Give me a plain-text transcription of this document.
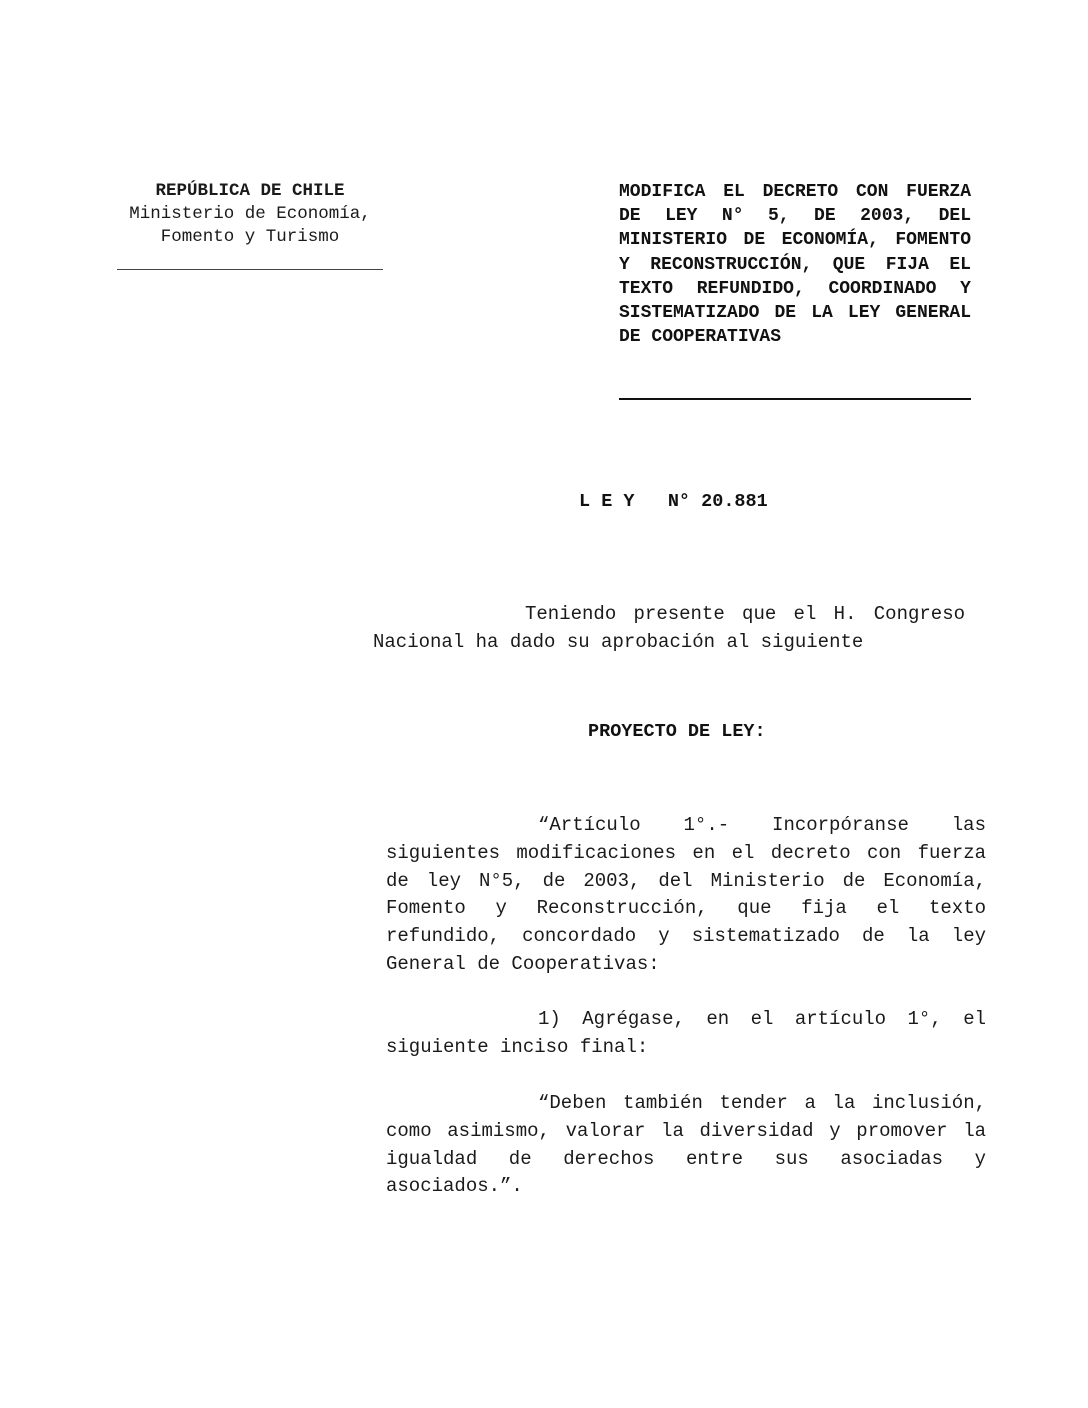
REPÚBLICA DE CHILE
Ministerio de Economía,
Fomento y Turismo
MODIFICA EL DECRETO CON FUERZA DE LEY N° 5, DE 2003, DEL MINISTERIO DE ECONOMÍA, FOMENTO Y RECONSTRUCCIÓN, QUE FIJA EL TEXTO REFUNDIDO, COORDINADO Y SISTEMATIZADO DE LA LEY GENERAL DE COOPERATIVAS
L E Y   N° 20.881
Teniendo presente que el H. Congreso Nacional ha dado su aprobación al siguiente
PROYECTO DE LEY:
“Artículo 1°.- Incorpóranse las siguientes modificaciones en el decreto con fuerza de ley N°5, de 2003, del Ministerio de Economía, Fomento y Reconstrucción, que fija el texto refundido, concordado y sistematizado de la ley General de Cooperativas:
1) Agrégase, en el artículo 1°, el siguiente inciso final:
“Deben también tender a la inclusión, como asimismo, valorar la diversidad y promover la igualdad de derechos entre sus asociadas y asociados.”.
